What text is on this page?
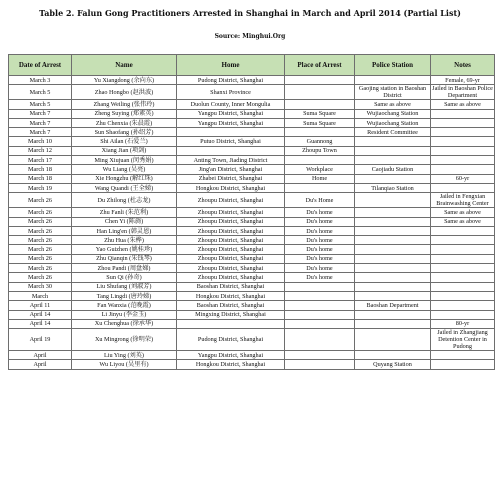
Table 2. Falun Gong Practitioners Arrested in Shanghai in March and April 2014 (Partial List)
Source: Minghui.Org
Date of Arrest	Name	Home	Place of Arrest	Police Station	Notes
March 3	Yu Xiangdong (余向东)	Pudong District, Shanghai			Female, 69-yr
March 5	Zhao Hongbo (赵洪波)	Shanxi Province		Gaojing station in Baoshan District	Jailed in Baoshan Police Department
March 5	Zhang Weiling (张伟玲)	Duolun County, Inner Mongulia		Same as above	Same as above
March 7	Zheng Suying (郑素英)	Yangpu District, Shanghai	Suma Square	Wujiaochang Station	
March 7	Zhu Chenxia (朱晨霞)	Yangpu District, Shanghai	Suma Square	Wujiaochang Station	
March 7	Sun Shaofang (孙绍芳)			Resident Committee	
March 10	Shi Ailan (石爱兰)	Putuo District, Shanghai	Guannong		
March 12	Xiang Jian (项剑)		Zhoupu Town		
March 17	Ming Xiujuan (闵秀娟)	Anting Town, Jiading District			
March 18	Wu Liang (吴亮)	Jing'an District, Shanghai	Workplace	Caojiadu Station	
March 18	Xie Hongzhu (解红珠)	Zhabei District, Shanghai	Home		60-yr
March 19	Wang Quandi (王全娣)	Hongkou District, Shanghai		Tilanqiao Station	
March 26	Du Zhilong (杜志龙)	Zhoupu District, Shanghai	Du's Home		Jailed in Fengxian Brainwashing Center
March 26	Zhu Fanli (朱范利)	Zhoupu District, Shanghai	Du's home		Same as above
March 26	Chen Yi (陈旖)	Zhoupu District, Shanghai	Du's home		Same as above
March 26	Han Ling'en (韩灵恩)	Zhoupu District, Shanghai	Du's home		
March 26	Zhu Hua (朱桦)	Zhoupu District, Shanghai	Du's home		
March 26	Yao Guizhen (姚桂珍)	Zhoupu District, Shanghai	Du's home		
March 26	Zhu Qianqin (朱钱琴)	Zhoupu District, Shanghai	Du's home		
March 26	Zhou Pandi (周盘娣)	Zhoupu District, Shanghai	Du's home		
March 26	Sun Qi (孙奇)	Zhoupu District, Shanghai	Du's home		
March 30	Liu Shufang (刘淑芳)	Baoshan District, Shanghai			
March	Tang Lingdi (唐玲娣)	Hongkou District, Shanghai			
April 11	Fan Wanxia (范晚霞)	Baoshan District, Shanghai		Baoshan Department	
April 14	Li Jinyu (李金玉)	Mingxing District, Shanghai			
April 14	Xu Chenghua (徐承华)				80-yr
April 19	Xu Mingrong (徐明荣)	Pudong District, Shanghai			Jailed in Zhangjiang Detention Center in Pudong
April	Liu Ying (刘英)	Yangpu District, Shanghai			
April	Wu Liyou (吴里有)	Hongkou District, Shanghai		Quyang Station	
